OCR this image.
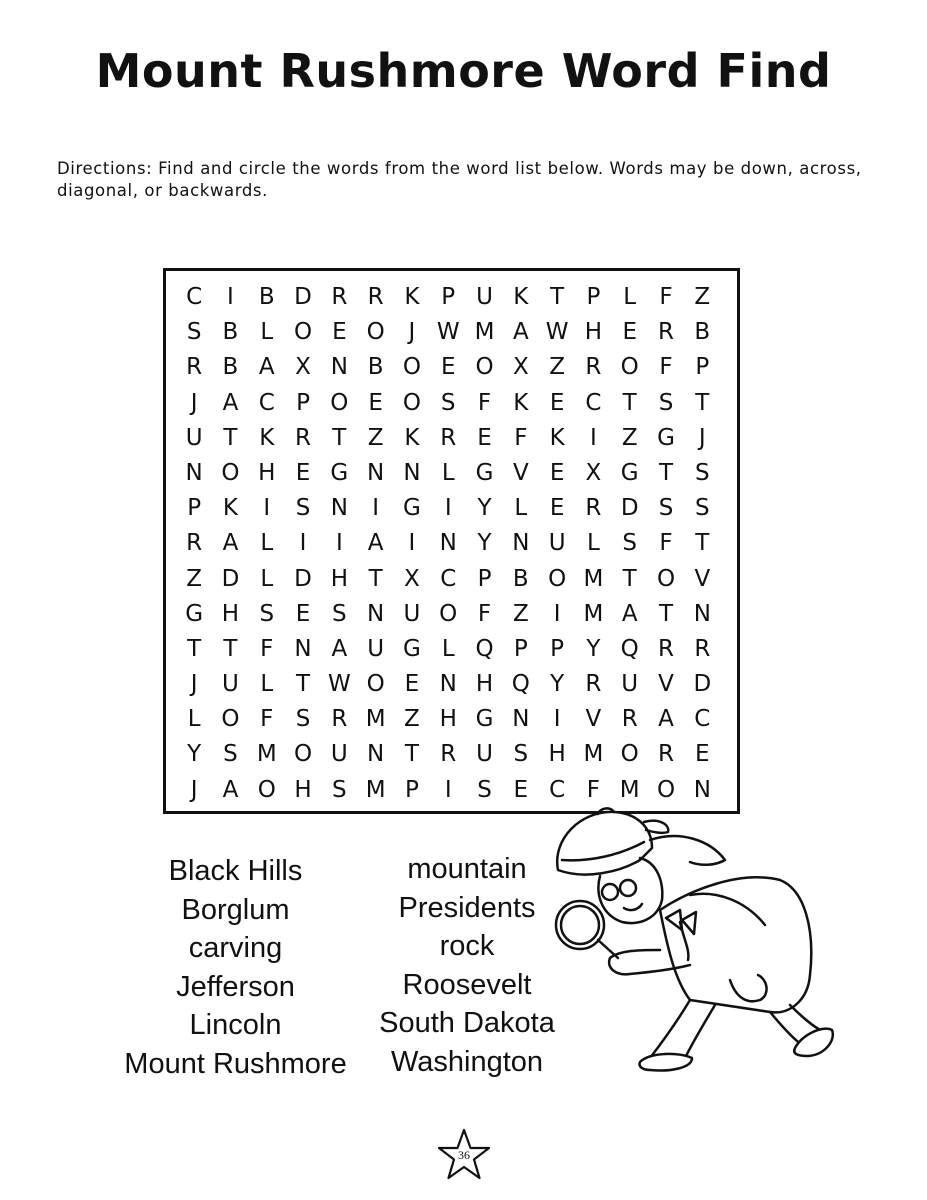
Mount Rushmore Word Find

Directions: Find and circle the words from the word list below. Words may be down, across, diagonal, or backwards.

C	I	B D R R K P U K T P L	F Z
S B L O E O	J W M A W H E R B
R B A X N B O E O X Z R O F P
J	A C P O E O S F K E C T S T
U T K R T Z K R E F K	I	Z G	J
N O H E G N N L G V E X G T S
P K	I	S N	I	G	I	Y L E R D S S
R A L	I	I	A	I	N Y N U L S F T
Z D L D H T X C P B O M T O V
G H S E S N U O F Z	I M A T N
T T F N A U G L Q P P Y Q R R
J	U L T W O E N H Q Y R U V D
L O F S R M Z H G N	I	V R A C
Y S M O U N T R U S H M O R E
J	A O H S M P	I	S E C F M O N
Black Hills
Borglum
carving
Jefferson
Lincoln
Mount Rushmore
mountain
Presidents
rock
Roosevelt
South Dakota
Washington
36
